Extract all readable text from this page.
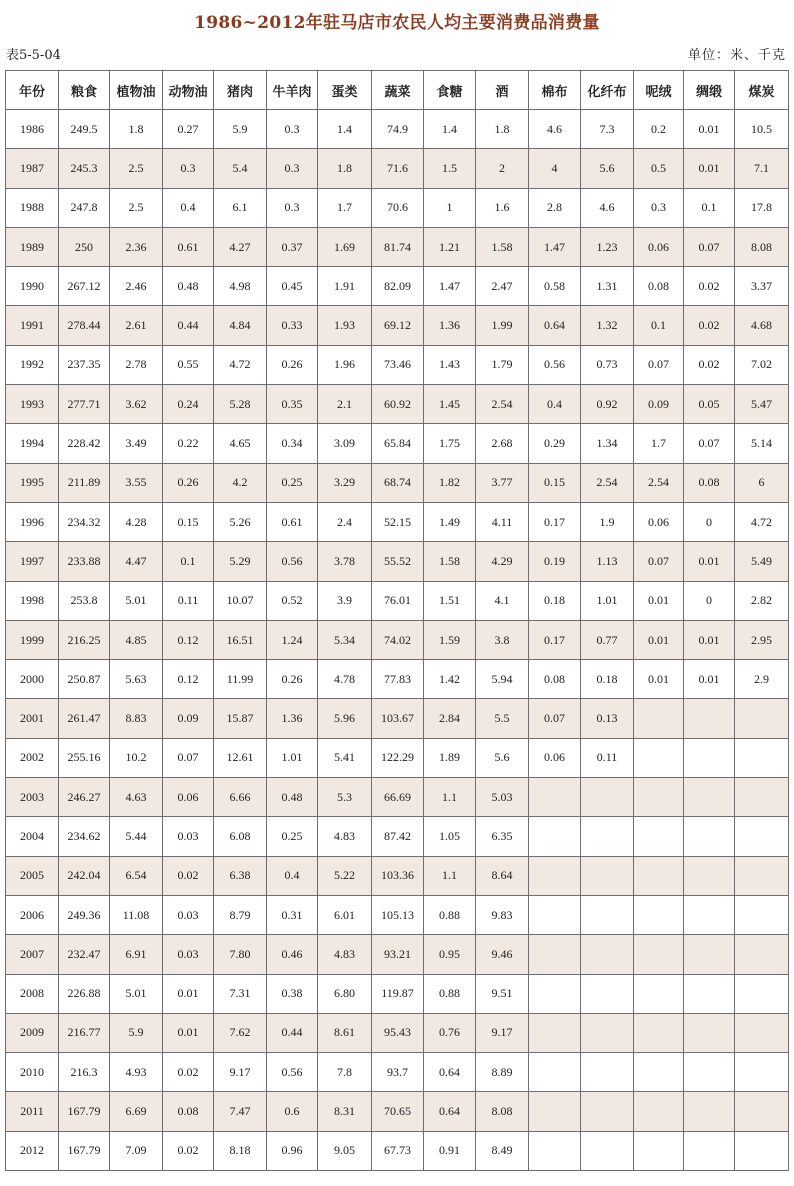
1986~2012年驻马店市农民人均主要消费品消费量
表5-5-04	单位：米、千克
年份	粮食	植物油	动物油	猪肉	牛羊肉	蛋类	蔬菜	食糖	酒	棉布	化纤布	呢绒	绸缎	煤炭
1986	249.5	1.8	0.27	5.9	0.3	1.4	74.9	1.4	1.8	4.6	7.3	0.2	0.01	10.5
1987	245.3	2.5	0.3	5.4	0.3	1.8	71.6	1.5	2	4	5.6	0.5	0.01	7.1
1988	247.8	2.5	0.4	6.1	0.3	1.7	70.6	1	1.6	2.8	4.6	0.3	0.1	17.8
1989	250	2.36	0.61	4.27	0.37	1.69	81.74	1.21	1.58	1.47	1.23	0.06	0.07	8.08
1990	267.12	2.46	0.48	4.98	0.45	1.91	82.09	1.47	2.47	0.58	1.31	0.08	0.02	3.37
1991	278.44	2.61	0.44	4.84	0.33	1.93	69.12	1.36	1.99	0.64	1.32	0.1	0.02	4.68
1992	237.35	2.78	0.55	4.72	0.26	1.96	73.46	1.43	1.79	0.56	0.73	0.07	0.02	7.02
1993	277.71	3.62	0.24	5.28	0.35	2.1	60.92	1.45	2.54	0.4	0.92	0.09	0.05	5.47
1994	228.42	3.49	0.22	4.65	0.34	3.09	65.84	1.75	2.68	0.29	1.34	1.7	0.07	5.14
1995	211.89	3.55	0.26	4.2	0.25	3.29	68.74	1.82	3.77	0.15	2.54	2.54	0.08	6
1996	234.32	4.28	0.15	5.26	0.61	2.4	52.15	1.49	4.11	0.17	1.9	0.06	0	4.72
1997	233.88	4.47	0.1	5.29	0.56	3.78	55.52	1.58	4.29	0.19	1.13	0.07	0.01	5.49
1998	253.8	5.01	0.11	10.07	0.52	3.9	76.01	1.51	4.1	0.18	1.01	0.01	0	2.82
1999	216.25	4.85	0.12	16.51	1.24	5.34	74.02	1.59	3.8	0.17	0.77	0.01	0.01	2.95
2000	250.87	5.63	0.12	11.99	0.26	4.78	77.83	1.42	5.94	0.08	0.18	0.01	0.01	2.9
2001	261.47	8.83	0.09	15.87	1.36	5.96	103.67	2.84	5.5	0.07	0.13			
2002	255.16	10.2	0.07	12.61	1.01	5.41	122.29	1.89	5.6	0.06	0.11			
2003	246.27	4.63	0.06	6.66	0.48	5.3	66.69	1.1	5.03					
2004	234.62	5.44	0.03	6.08	0.25	4.83	87.42	1.05	6.35					
2005	242.04	6.54	0.02	6.38	0.4	5.22	103.36	1.1	8.64					
2006	249.36	11.08	0.03	8.79	0.31	6.01	105.13	0.88	9.83					
2007	232.47	6.91	0.03	7.80	0.46	4.83	93.21	0.95	9.46					
2008	226.88	5.01	0.01	7.31	0.38	6.80	119.87	0.88	9.51					
2009	216.77	5.9	0.01	7.62	0.44	8.61	95.43	0.76	9.17					
2010	216.3	4.93	0.02	9.17	0.56	7.8	93.7	0.64	8.89					
2011	167.79	6.69	0.08	7.47	0.6	8.31	70.65	0.64	8.08					
2012	167.79	7.09	0.02	8.18	0.96	9.05	67.73	0.91	8.49					
